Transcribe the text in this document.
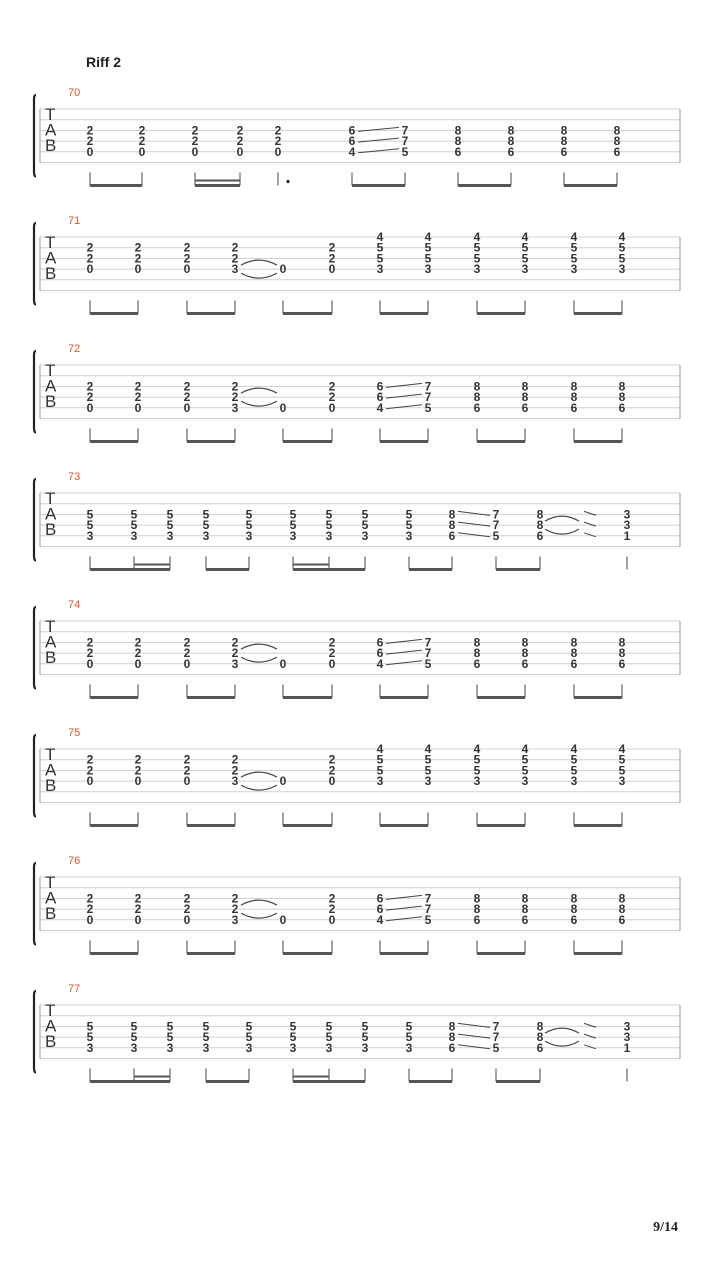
Riff 2
T
A
B
70
2
2
0
2
2
0
2
2
0
2
2
0
2
2
0
6
6
4
7
7
5
8
8
6
8
8
6
8
8
6
8
8
6
T
A
B
71
2
2
0
2
2
0
2
2
0
2
2
3	0
2
2
0
4
5
5
3
4
5
5
3
4
5
5
3
4
5
5
3
4
5
5
3
4
5
5
3
T
A
B
72
2
2
0
2
2
0
2
2
0
2
2
3	0
2
2
0
6
6
4
7
7
5
8
8
6
8
8
6
8
8
6
8
8
6
T
A
B
73
5
5
3
5
5
3
5
5
3
5
5
3
5
5
3
5
5
3
5
5
3
5
5
3
5
5
3
8
8
6
7
7
5
8
8
6
3
3
1
T
A
B
74
2
2
0
2
2
0
2
2
0
2
2
3	0
2
2
0
6
6
4
7
7
5
8
8
6
8
8
6
8
8
6
8
8
6
T
A
B
75
2
2
0
2
2
0
2
2
0
2
2
3	0
2
2
0
4
5
5
3
4
5
5
3
4
5
5
3
4
5
5
3
4
5
5
3
4
5
5
3
T
A
B
76
2
2
0
2
2
0
2
2
0
2
2
3	0
2
2
0
6
6
4
7
7
5
8
8
6
8
8
6
8
8
6
8
8
6
T
A
B
77
5
5
3
5
5
3
5
5
3
5
5
3
5
5
3
5
5
3
5
5
3
5
5
3
5
5
3
8
8
6
7
7
5
8
8
6
3
3
1
9/14
